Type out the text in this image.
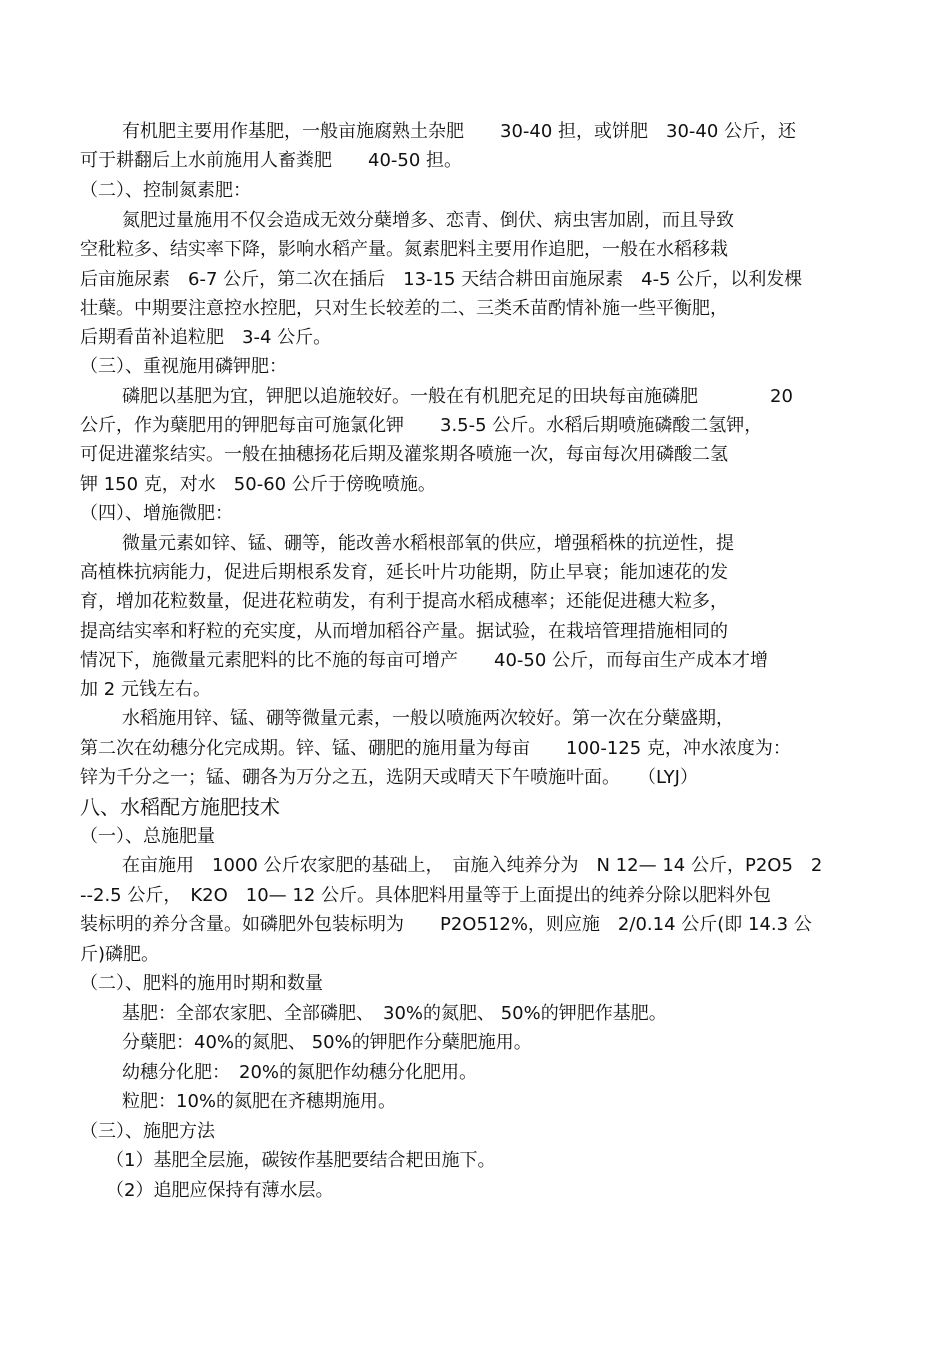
有机肥主要用作基肥，一般亩施腐熟土杂肥　　30-40 担，或饼肥　30-40 公斤，还
可于耕翻后上水前施用人畜粪肥　　40-50 担。
（二）、控制氮素肥：
氮肥过量施用不仅会造成无效分蘖增多、恋青、倒伏、病虫害加剧，而且导致
空秕粒多、结实率下降，影响水稻产量。氮素肥料主要用作追肥，一般在水稻移栽
后亩施尿素　6-7 公斤，第二次在插后　13-15 天结合耕田亩施尿素　4-5 公斤，以利发棵
壮蘖。中期要注意控水控肥，只对生长较差的二、三类禾苗酌情补施一些平衡肥，
后期看苗补追粒肥　3-4 公斤。
（三）、重视施用磷钾肥：
磷肥以基肥为宜，钾肥以追施较好。一般在有机肥充足的田块每亩施磷肥　　　　20
公斤，作为蘖肥用的钾肥每亩可施氯化钾　　3.5-5 公斤。水稻后期喷施磷酸二氢钾，
可促进灌浆结实。一般在抽穗扬花后期及灌浆期各喷施一次，每亩每次用磷酸二氢
钾 150 克，对水　50-60 公斤于傍晚喷施。
（四）、增施微肥：
微量元素如锌、锰、硼等，能改善水稻根部氧的供应，增强稻株的抗逆性，提
高植株抗病能力，促进后期根系发育，延长叶片功能期，防止早衰；能加速花的发
育，增加花粒数量，促进花粒萌发，有利于提高水稻成穗率；还能促进穗大粒多，
提高结实率和籽粒的充实度，从而增加稻谷产量。据试验，在栽培管理措施相同的
情况下，施微量元素肥料的比不施的每亩可增产　　40-50 公斤，而每亩生产成本才增
加 2 元钱左右。
水稻施用锌、锰、硼等微量元素，一般以喷施两次较好。第一次在分蘖盛期，
第二次在幼穗分化完成期。锌、锰、硼肥的施用量为每亩　　100-125 克，冲水浓度为：
锌为千分之一；锰、硼各为万分之五，选阴天或晴天下午喷施叶面。　　（LYJ）
八、水稻配方施肥技术
（一）、总施肥量
在亩施用　1000 公斤农家肥的基础上，　亩施入纯养分为　N 12— 14 公斤，P2O5　2
--2.5 公斤，　K2O　10— 12 公斤。具体肥料用量等于上面提出的纯养分除以肥料外包
装标明的养分含量。如磷肥外包装标明为　　P2O512%，则应施　2/0.14 公斤(即 14.3 公
斤)磷肥。
（二）、肥料的施用时期和数量
基肥：全部农家肥、全部磷肥、　30%的氮肥、 50%的钾肥作基肥。
分蘖肥：40%的氮肥、 50%的钾肥作分蘖肥施用。
幼穗分化肥：　20%的氮肥作幼穗分化肥用。
粒肥：10%的氮肥在齐穗期施用。
（三）、施肥方法
（1）基肥全层施，碳铵作基肥要结合耙田施下。
（2）追肥应保持有薄水层。
